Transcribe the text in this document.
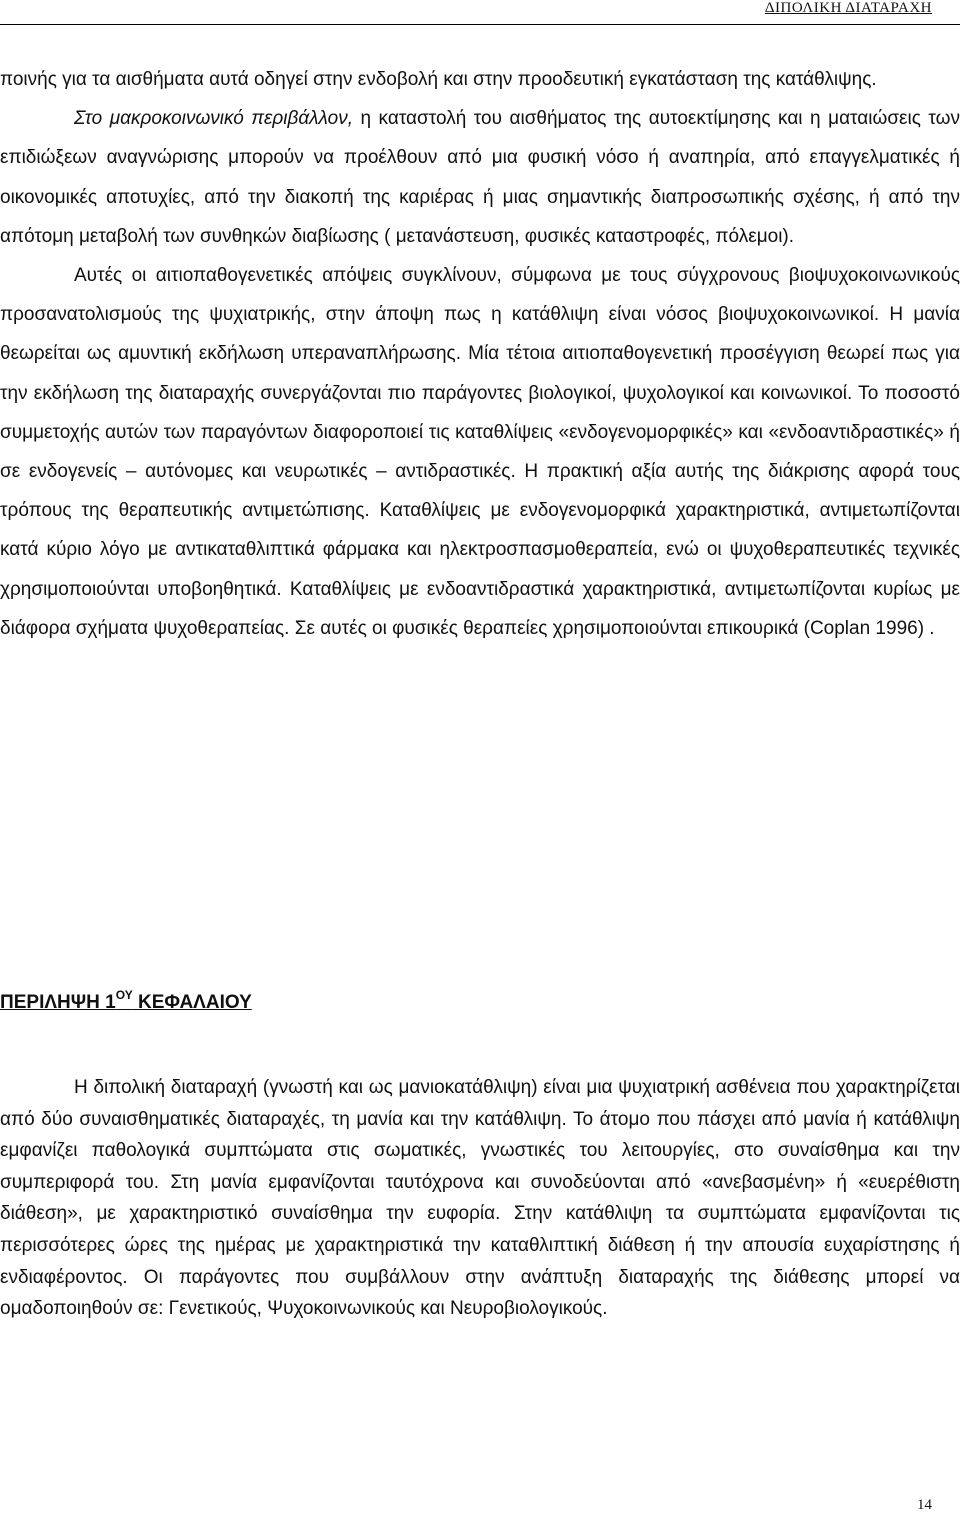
ΔΙΠΟΛΙΚΗ ΔΙΑΤΑΡΑΧΗ

ποινής για τα αισθήματα αυτά οδηγεί στην ενδοβολή και στην προοδευτική εγκατάσταση της κατάθλιψης.

Στο μακροκοινωνικό περιβάλλον, η καταστολή του αισθήματος της αυτοεκτίμησης και η ματαιώσεις των επιδιώξεων αναγνώρισης μπορούν να προέλθουν από μια φυσική νόσο ή αναπηρία, από επαγγελματικές ή οικονομικές αποτυχίες, από την διακοπή της καριέρας ή μιας σημαντικής διαπροσωπικής σχέσης, ή από την απότομη μεταβολή των συνθηκών διαβίωσης ( μετανάστευση, φυσικές καταστροφές, πόλεμοι).

Αυτές οι αιτιοπαθογενετικές απόψεις συγκλίνουν, σύμφωνα με τους σύγχρονους βιοψυχοκοινωνικούς προσανατολισμούς της ψυχιατρικής, στην άποψη πως η κατάθλιψη είναι νόσος βιοψυχοκοινωνικοί. Η μανία θεωρείται ως αμυντική εκδήλωση υπεραναπλήρωσης. Μία τέτοια αιτιοπαθογενετική προσέγγιση θεωρεί πως για την εκδήλωση της διαταραχής συνεργάζονται πιο παράγοντες βιολογικοί, ψυχολογικοί και κοινωνικοί. Το ποσοστό συμμετοχής αυτών των παραγόντων διαφοροποιεί τις καταθλίψεις «ενδογενομορφικές» και «ενδοαντιδραστικές» ή σε ενδογενείς – αυτόνομες και νευρωτικές – αντιδραστικές. Η πρακτική αξία αυτής της διάκρισης αφορά τους τρόπους της θεραπευτικής αντιμετώπισης. Καταθλίψεις με ενδογενομορφικά χαρακτηριστικά, αντιμετωπίζονται κατά κύριο λόγο με αντικαταθλιπτικά φάρμακα και ηλεκτροσπασμοθεραπεία, ενώ οι ψυχοθεραπευτικές τεχνικές χρησιμοποιούνται υποβοηθητικά. Καταθλίψεις με ενδοαντιδραστικά χαρακτηριστικά, αντιμετωπίζονται κυρίως με διάφορα σχήματα ψυχοθεραπείας. Σε αυτές οι φυσικές θεραπείες χρησιμοποιούνται επικουρικά (Coplan 1996) .

ΠΕΡΙΛΗΨΗ $1^{O\Upsilon}$ ΚΕΦΑΛΑΙΟΥ

Η διπολική διαταραχή (γνωστή και ως μανιοκατάθλιψη) είναι μια ψυχιατρική ασθένεια που χαρακτηρίζεται από δύο συναισθηματικές διαταραχές, τη μανία και την κατάθλιψη. Το άτομο που πάσχει από μανία ή κατάθλιψη εμφανίζει παθολογικά συμπτώματα στις σωματικές, γνωστικές του λειτουργίες, στο συναίσθημα και την συμπεριφορά του. Στη μανία εμφανίζονται ταυτόχρονα και συνοδεύονται από «ανεβασμένη» ή «ευερέθιστη διάθεση», με χαρακτηριστικό συναίσθημα την ευφορία. Στην κατάθλιψη τα συμπτώματα εμφανίζονται τις περισσότερες ώρες της ημέρας με χαρακτηριστικά την καταθλιπτική διάθεση ή την απουσία ευχαρίστησης ή ενδιαφέροντος. Οι παράγοντες που συμβάλλουν στην ανάπτυξη διαταραχής της διάθεσης μπορεί να ομαδοποιηθούν σε: Γενετικούς, Ψυχοκοινωνικούς και Νευροβιολογικούς.

14
